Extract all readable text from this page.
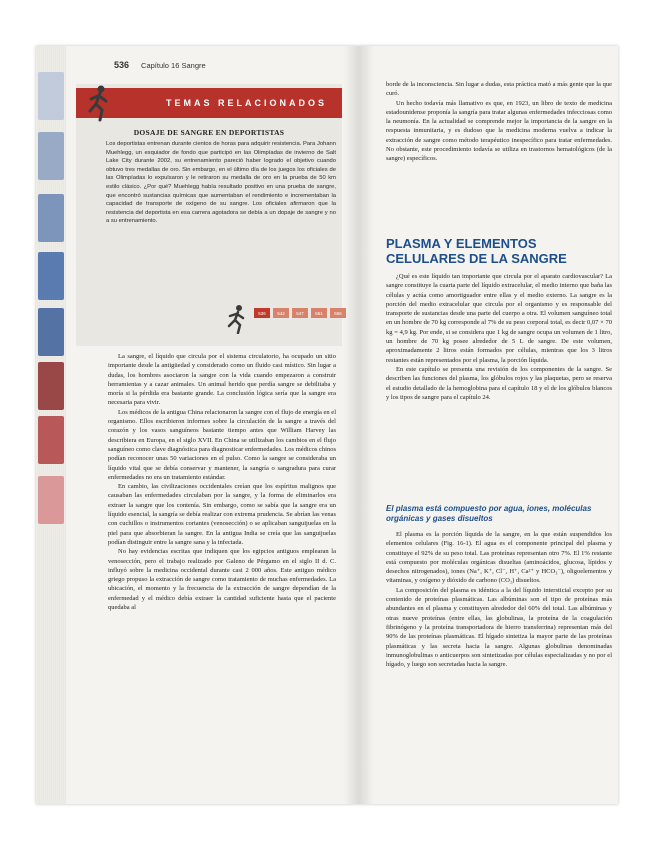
536 Capítulo 16 Sangre
TEMAS RELACIONADOS
DOSAJE DE SANGRE EN DEPORTISTAS
Los deportistas entrenan durante cientos de horas para adquirir resistencia. Para Johann Muehlegg, un esquiador de fondo que participó en las Olimpíadas de invierno de Salt Lake City durante 2002, su entrenamiento pareció haber logrado el objetivo cuando obtuvo tres medallas de oro. Sin embargo, en el último día de los juegos los oficiales de las Olimpíadas lo expulsaron y le retiraron su medalla de oro en la prueba de 50 km estilo clásico. ¿Por qué? Muehlegg había resultado positivo en una prueba de sangre, que encontró sustancias químicas que aumentaban el rendimiento e incrementaban la capacidad de transporte de oxígeno de su sangre. Los oficiales afirmaron que la resistencia del deportista en esa carrera agotadora se debía a un dopaje de sangre y no a su entrenamiento.
536	542	547	551	556

La sangre, el líquido que circula por el sistema circulatorio, ha ocupado un sitio importante desde la antigüedad y considerado como un fluido casi místico. Sin lugar a dudas, los hombres asociaron la sangre con la vida cuando empezaron a construir herramientas y a cazar animales. Un animal herido que perdía sangre se debilitaba y moría si la pérdida era bastante grande. La conclusión lógica sería que la sangre era necesaria para vivir.

Los médicos de la antigua China relacionaron la sangre con el flujo de energía en el organismo. Ellos escribieron informes sobre la circulación de la sangre a través del corazón y los vasos sanguíneos bastante tiempo antes que William Harvey las describiera en Europa, en el siglo XVII. En China se utilizaban los cambios en el flujo sanguíneo como clave diagnóstica para diagnosticar enfermedades. Los médicos chinos podían reconocer unas 50 variaciones en el pulso. Como la sangre se consideraba un líquido vital que se debía conservar y mantener, la sangría o sangradura para curar enfermedades no era un tratamiento estándar.

En cambio, las civilizaciones occidentales creían que los espíritus malignos que causaban las enfermedades circulaban por la sangre, y la forma de eliminarlos era extraer la sangre que los contenía. Sin embargo, como se sabía que la sangre era un líquido esencial, la sangría se debía realizar con extrema prudencia. Se abrían las venas con cuchillos o instrumentos cortantes (venosección) o se aplicaban sanguijuelas en la piel para que absorbieran la sangre. En la antigua India se creía que las sanguijuelas podían distinguir entre la sangre sana y la infectada.

No hay evidencias escritas que indiquen que los egipcios antiguos emplearan la venosección, pero el trabajo realizado por Galeno de Pérgamo en el siglo II d. C. influyó sobre la medicina occidental durante casi 2 000 años. Este antiguo médico griego propuso la extracción de sangre como tratamiento de muchas enfermedades. La ubicación, el momento y la frecuencia de la extracción de sangre dependían de la enfermedad y el médico debía extraer la cantidad suficiente hasta que el paciente quedaba al

borde de la inconsciencia. Sin lugar a dudas, esta práctica mató a más gente que la que curó.

Un hecho todavía más llamativo es que, en 1923, un libro de texto de medicina estadounidense proponía la sangría para tratar algunas enfermedades infecciosas como la neumonía. En la actualidad se comprende mejor la importancia de la sangre en la respuesta inmunitaria, y es dudoso que la medicina moderna vuelva a indicar la extracción de sangre como método terapéutico inespecífico para tratar enfermedades. No obstante, este procedimiento todavía se utiliza en trastornos hematológicos (de la sangre) específicos.

PLASMA Y ELEMENTOS CELULARES DE LA SANGRE

¿Qué es este líquido tan importante que circula por el aparato cardiovascular? La sangre constituye la cuarta parte del líquido extracelular, el medio interno que baña las células y actúa como amortiguador entre ellas y el medio externo. La sangre es la porción del medio extracelular que circula por el organismo y es responsable del transporte de sustancias desde una parte del cuerpo a otra. El volumen sanguíneo total en un hombre de 70 kg corresponde al 7% de su peso corporal total, es decir 0,07 × 70 kg = 4,9 kg. Por ende, si se considera que 1 kg de sangre ocupa un volumen de 1 litro, un hombre de 70 kg posee alrededor de 5 L de sangre. De este volumen, aproximadamente 2 litros están formados por células, mientras que los 3 litros restantes están representados por el plasma, la porción líquida.

En este capítulo se presenta una revisión de los componentes de la sangre. Se describen las funciones del plasma, los glóbulos rojos y las plaquetas, pero se reserva el estudio detallado de la hemoglobina para el capítulo 18 y el de los glóbulos blancos y los tipos de sangre para el capítulo 24.

El plasma está compuesto por agua, iones, moléculas orgánicas y gases disueltos

El plasma es la porción líquida de la sangre, en la que están suspendidos los elementos celulares (Fig. 16-1). El agua es el componente principal del plasma y constituye el 92% de su peso total. Las proteínas representan otro 7%. El 1% restante está compuesto por moléculas orgánicas disueltas (aminoácidos, glucosa, lípidos y desechos nitrogenados), iones (Na⁺, K⁺, Cl⁻, H⁺, Ca²⁺ y HCO₃⁻), oligoelementos y vitaminas, y oxígeno y dióxido de carbono (CO₂) disueltos.

La composición del plasma es idéntica a la del líquido intersticial excepto por su contenido de proteínas plasmáticas. Las albúminas son el tipo de proteínas más abundantes en el plasma y constituyen alrededor del 60% del total. Las albúminas y otras nueve proteínas (entre ellas, las globulinas, la proteína de la coagulación fibrinógeno y la proteína transportadora de hierro transferrina) representan más del 90% de las proteínas plasmáticas. El hígado sintetiza la mayor parte de las proteínas plasmáticas y las secreta hacia la sangre. Algunas globulinas denominadas inmunoglobulinas o anticuerpos son sintetizadas por células especializadas y no por el hígado, y luego son secretadas hacia la sangre.
